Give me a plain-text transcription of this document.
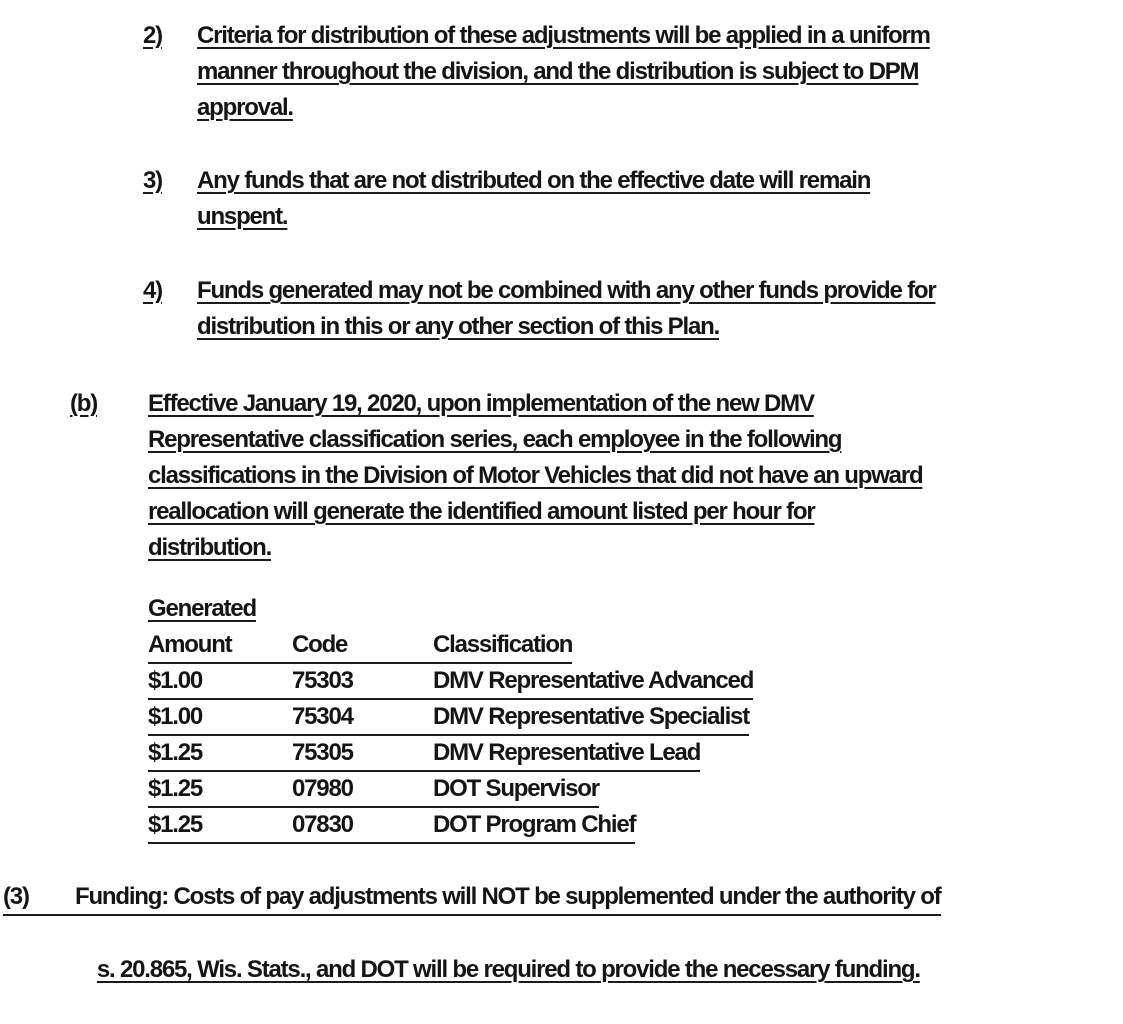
2)	Criteria for distribution of these adjustments will be applied in a uniform
manner throughout the division, and the distribution is subject to DPM
approval.
3)	Any funds that are not distributed on the effective date will remain
unspent.
4)	Funds generated may not be combined with any other funds provide for
distribution in this or any other section of this Plan.
(b)	Effective January 19, 2020, upon implementation of the new DMV
Representative classification series, each employee in the following
classifications in the Division of Motor Vehicles that did not have an upward
reallocation will generate the identified amount listed per hour for
distribution.
Generated
Amount	Code	Classification
$1.00	75303	DMV Representative Advanced
$1.00	75304	DMV Representative Specialist
$1.25	75305	DMV Representative Lead
$1.25	07980	DOT Supervisor
$1.25	07830	DOT Program Chief
(3)	Funding: Costs of pay adjustments will NOT be supplemented under the authority of

s. 20.865, Wis. Stats., and DOT will be required to provide the necessary funding.
